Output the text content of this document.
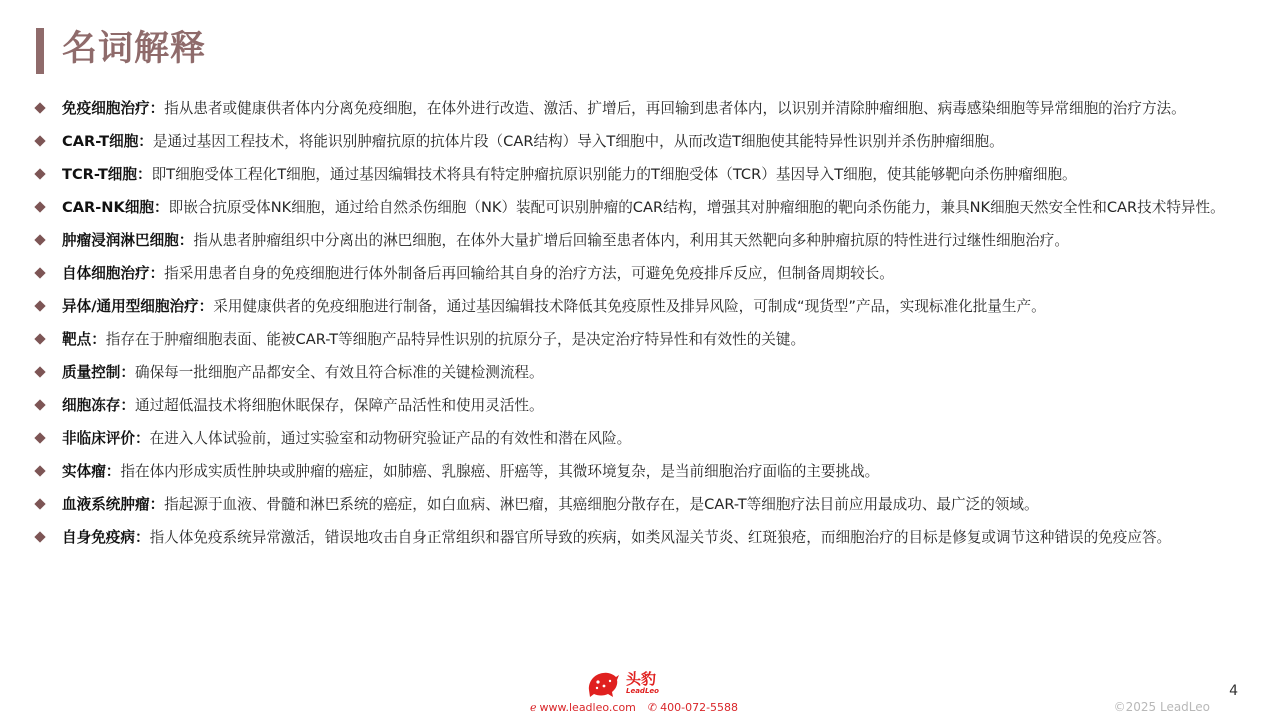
名词解释
免疫细胞治疗：指从患者或健康供者体内分离免疫细胞，在体外进行改造、激活、扩增后，再回输到患者体内，以识别并清除肿瘤细胞、病毒感染细胞等异常细胞的治疗方法。
CAR-T细胞：是通过基因工程技术，将能识别肿瘤抗原的抗体片段（CAR结构）导入T细胞中，从而改造T细胞使其能特异性识别并杀伤肿瘤细胞。
TCR-T细胞：即T细胞受体工程化T细胞，通过基因编辑技术将具有特定肿瘤抗原识别能力的T细胞受体（TCR）基因导入T细胞，使其能够靶向杀伤肿瘤细胞。
CAR-NK细胞：即嵌合抗原受体NK细胞，通过给自然杀伤细胞（NK）装配可识别肿瘤的CAR结构，增强其对肿瘤细胞的靶向杀伤能力，兼具NK细胞天然安全性和CAR技术特异性。
肿瘤浸润淋巴细胞：指从患者肿瘤组织中分离出的淋巴细胞，在体外大量扩增后回输至患者体内，利用其天然靶向多种肿瘤抗原的特性进行过继性细胞治疗。
自体细胞治疗：指采用患者自身的免疫细胞进行体外制备后再回输给其自身的治疗方法，可避免免疫排斥反应，但制备周期较长。
异体/通用型细胞治疗：采用健康供者的免疫细胞进行制备，通过基因编辑技术降低其免疫原性及排异风险，可制成“现货型”产品，实现标准化批量生产。
靶点：指存在于肿瘤细胞表面、能被CAR-T等细胞产品特异性识别的抗原分子，是决定治疗特异性和有效性的关键。
质量控制：确保每一批细胞产品都安全、有效且符合标准的关键检测流程。
细胞冻存：通过超低温技术将细胞休眠保存，保障产品活性和使用灵活性。
非临床评价：在进入人体试验前，通过实验室和动物研究验证产品的有效性和潜在风险。
实体瘤：指在体内形成实质性肿块或肿瘤的癌症，如肺癌、乳腺癌、肝癌等，其微环境复杂，是当前细胞治疗面临的主要挑战。
血液系统肿瘤：指起源于血液、骨髓和淋巴系统的癌症，如白血病、淋巴瘤，其癌细胞分散存在，是CAR-T等细胞疗法目前应用最成功、最广泛的领域。
自身免疫病：指人体免疫系统异常激活，错误地攻击自身正常组织和器官所导致的疾病，如类风湿关节炎、红斑狼疮，而细胞治疗的目标是修复或调节这种错误的免疫应答。
头豹
LeadLeo
ℯ www.leadleo.com ✆ 400-072-5588
4
©2025 LeadLeo
